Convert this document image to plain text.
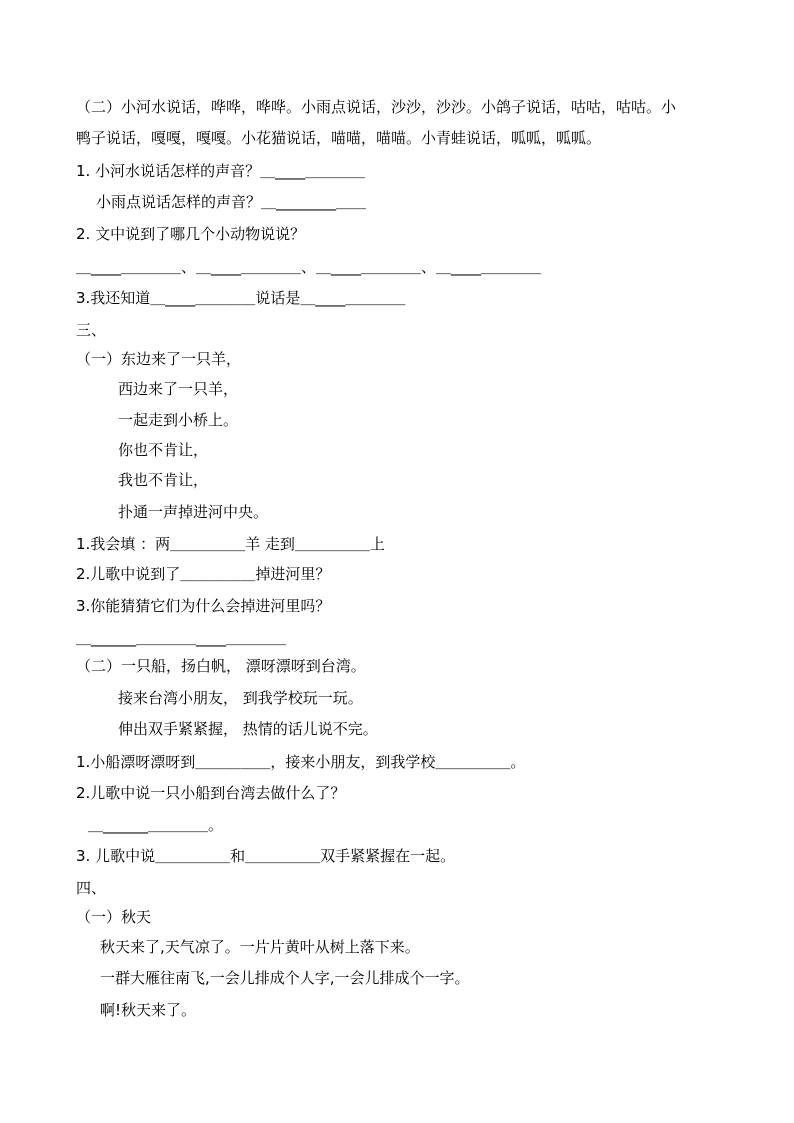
（二）小河水说话，哗哗，哗哗。小雨点说话，沙沙，沙沙。小鸽子说话，咕咕，咕咕。小
鸭子说话，嘎嘎，嘎嘎。小花猫说话，喵喵，喵喵。小青蛙说话，呱呱，呱呱。
1. 小河水说话怎样的声音？＿____＿＿＿＿
小雨点说话怎样的声音？＿________＿＿
2. 文中说到了哪几个小动物说说？
＿____＿＿＿＿、＿____＿＿＿＿、＿____＿＿＿＿、＿____＿＿＿＿
3.我还知道＿____＿＿＿＿说话是＿____＿＿＿＿
三、
（一）东边来了一只羊，
西边来了一只羊，
一起走到小桥上。
你也不肯让，
我也不肯让，
扑通一声掉进河中央。
1.我会填 ：两＿＿＿＿＿羊 走到＿＿＿＿＿上
2.儿歌中说到了＿＿＿＿＿掉进河里？
3.你能猜猜它们为什么会掉进河里吗？
＿______＿＿＿＿____＿＿＿＿
（二）一只船，扬白帆， 漂呀漂呀到台湾。
接来台湾小朋友， 到我学校玩一玩。
伸出双手紧紧握， 热情的话儿说不完。
1.小船漂呀漂呀到＿＿＿＿＿，接来小朋友，到我学校＿＿＿＿＿。
2.儿歌中说一只小船到台湾去做什么了？
＿______＿＿＿＿。
3. 儿歌中说＿＿＿＿＿和＿＿＿＿＿双手紧紧握在一起。
四、
（一）秋天
秋天来了,天气凉了。一片片黄叶从树上落下来。
一群大雁往南飞,一会儿排成个人字,一会儿排成个一字。
啊!秋天来了。
